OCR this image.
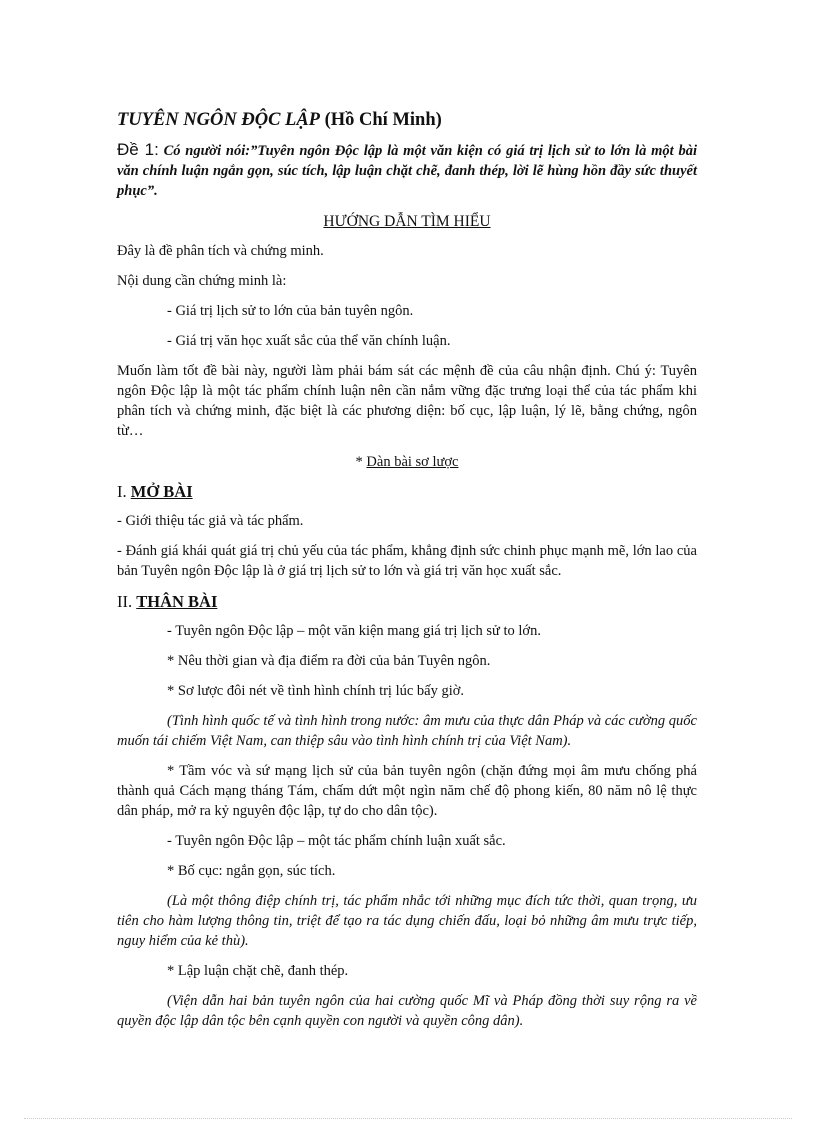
TUYÊN NGÔN ĐỘC LẬP (Hồ Chí Minh)

Đề 1: Có người nói:”Tuyên ngôn Độc lập là một văn kiện có giá trị lịch sử to lớn là một bài văn chính luận ngắn gọn, súc tích, lập luận chặt chẽ, đanh thép, lời lẽ hùng hồn đầy sức thuyết phục”.

HƯỚNG DẪN TÌM HIỂU

Đây là đề phân tích và chứng minh.

Nội dung cần chứng minh là:

- Giá trị lịch sử to lớn của bản tuyên ngôn.

- Giá trị văn học xuất sắc của thể văn chính luận.

Muốn làm tốt đề bài này, người làm phải bám sát các mệnh đề của câu nhận định. Chú ý: Tuyên ngôn Độc lập là một tác phẩm chính luận nên cần nắm vững đặc trưng loại thể của tác phẩm khi phân tích và chứng minh, đặc biệt là các phương diện: bố cục, lập luận, lý lẽ, bằng chứng, ngôn từ…

* Dàn bài sơ lược

I. MỞ BÀI

- Giới thiệu tác giả và tác phẩm.

- Đánh giá khái quát giá trị chủ yếu của tác phẩm, khẳng định sức chinh phục mạnh mẽ, lớn lao của bản Tuyên ngôn Độc lập là ở giá trị lịch sử to lớn và giá trị văn học xuất sắc.

II. THÂN BÀI

- Tuyên ngôn Độc lập – một văn kiện mang giá trị lịch sử to lớn.

* Nêu thời gian và địa điểm ra đời của bản Tuyên ngôn.

* Sơ lược đôi nét về tình hình chính trị lúc bấy giờ.

(Tình hình quốc tế và tình hình trong nước: âm mưu của thực dân Pháp và các cường quốc muốn tái chiếm Việt Nam, can thiệp sâu vào tình hình chính trị của Việt Nam).

* Tầm vóc và sứ mạng lịch sử của bản tuyên ngôn (chặn đứng mọi âm mưu chống phá thành quả Cách mạng tháng Tám, chấm dứt một ngìn năm chế độ phong kiến, 80 năm nô lệ thực dân pháp, mở ra kỷ nguyên độc lập, tự do cho dân tộc).

- Tuyên ngôn Độc lập – một tác phẩm chính luận xuất sắc.

* Bố cục: ngắn gọn, súc tích.

(Là một thông điệp chính trị, tác phẩm nhắc tới những mục đích tức thời, quan trọng, ưu tiên cho hàm lượng thông tin, triệt để tạo ra tác dụng chiến đấu, loại bỏ những âm mưu trực tiếp, nguy hiểm của kẻ thù).

* Lập luận chặt chẽ, đanh thép.

(Viện dẫn hai bản tuyên ngôn của hai cường quốc Mĩ và Pháp đồng thời suy rộng ra về quyền độc lập dân tộc bên cạnh quyền con người và quyền công dân).
